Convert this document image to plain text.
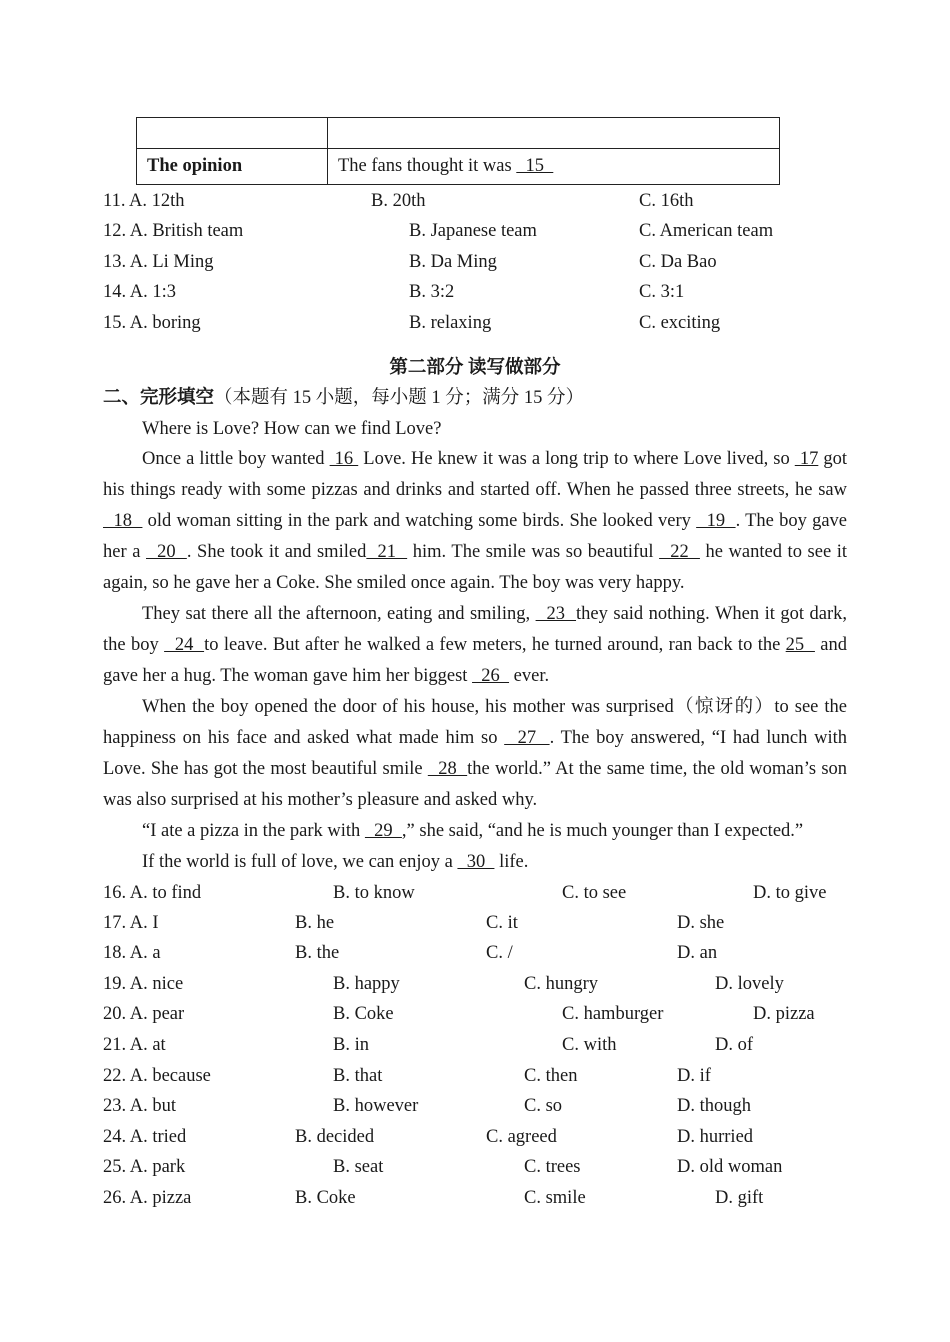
The opinion	The fans thought it was   15
11. A. 12th	B. 20th	C. 16th
12. A. British team	B. Japanese team	C. American team
13. A. Li Ming	B. Da Ming	C. Da Bao
14. A. 1:3	B. 3:2	C. 3:1
15. A. boring	B. relaxing	C. exciting
第二部分 读写做部分
二、完形填空（本题有 15 小题，每小题 1 分；满分 15 分）
Where is Love? How can we find Love?

Once a little boy wanted  16  Love. He knew it was a long trip to where Love lived, so  17 got his things ready with some pizzas and drinks and started off. When he passed three streets, he saw   18   old woman sitting in the park and watching some birds. She looked very   19  . The boy gave her a   20  . She took it and smiled  21   him. The smile was so beautiful   22   he wanted to see it again, so he gave her a Coke. She smiled once again. The boy was very happy.

They sat there all the afternoon, eating and smiling,   23  they said nothing. When it got dark, the boy   24  to leave. But after he walked a few meters, he turned around, ran back to the 25   and gave her a hug. The woman gave him her biggest   26   ever.

When the boy opened the door of his house, his mother was surprised（惊讶的）to see the happiness on his face and asked what made him so   27  . The boy answered, “I had lunch with Love. She has got the most beautiful smile   28  the world.” At the same time, the old woman’s son was also surprised at his mother’s pleasure and asked why.

“I ate a pizza in the park with   29  ,” she said, “and he is much younger than I expected.”

If the world is full of love, we can enjoy a   30   life.

16. A. to find	B. to know	C. to see	D. to give
17. A. I	B. he	C. it	D. she
18. A. a	B. the	C. /	D. an
19. A. nice	B. happy	C. hungry	D. lovely
20. A. pear	B. Coke	C. hamburger	D. pizza
21. A. at	B. in	C. with	D. of
22. A. because	B. that	C. then	D. if
23. A. but	B. however	C. so	D. though
24. A. tried	B. decided	C. agreed	D. hurried
25. A. park	B. seat	C. trees	D. old woman
26. A. pizza	B. Coke	C. smile	D. gift
